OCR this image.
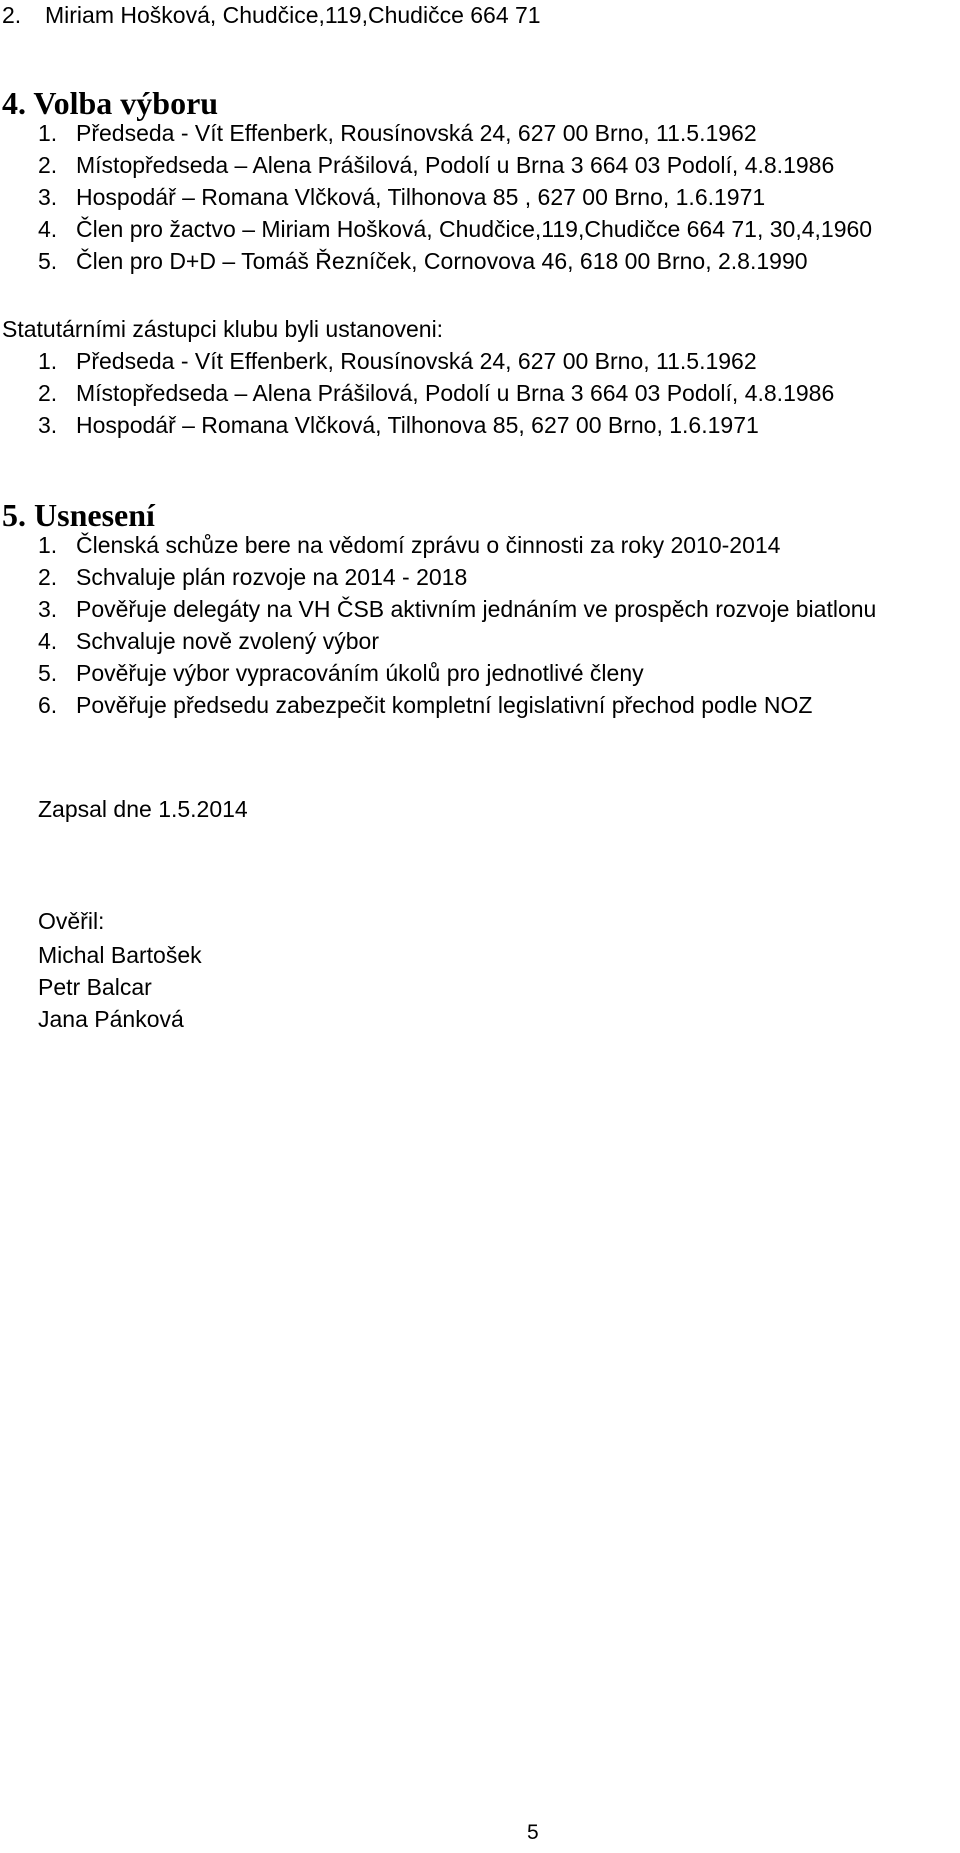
2. Miriam Hošková, Chudčice,119,Chudičce 664 71
4. Volba výboru
1. Předseda - Vít Effenberk, Rousínovská 24, 627 00 Brno, 11.5.1962
2. Místopředseda – Alena Prášilová, Podolí u Brna 3 664 03 Podolí, 4.8.1986
3. Hospodář – Romana Vlčková, Tilhonova 85 , 627 00 Brno, 1.6.1971
4. Člen pro žactvo – Miriam Hošková, Chudčice,119,Chudičce 664 71, 30,4,1960
5. Člen pro D+D – Tomáš Řezníček, Cornovova 46, 618 00 Brno, 2.8.1990
Statutárními zástupci klubu byli ustanoveni:
1. Předseda - Vít Effenberk, Rousínovská 24, 627 00 Brno, 11.5.1962
2. Místopředseda – Alena Prášilová, Podolí u Brna 3 664 03 Podolí, 4.8.1986
3. Hospodář – Romana Vlčková, Tilhonova 85, 627 00 Brno, 1.6.1971
5. Usnesení
1. Členská schůze bere na vědomí zprávu o činnosti za roky 2010-2014
2. Schvaluje plán rozvoje na 2014 - 2018
3. Pověřuje delegáty na VH ČSB aktivním jednáním ve prospěch rozvoje biatlonu
4. Schvaluje nově zvolený výbor
5. Pověřuje výbor vypracováním úkolů pro jednotlivé členy
6. Pověřuje předsedu zabezpečit kompletní legislativní přechod podle NOZ
Zapsal dne 1.5.2014
Ověřil:
Michal Bartošek
Petr Balcar
Jana Pánková
5
